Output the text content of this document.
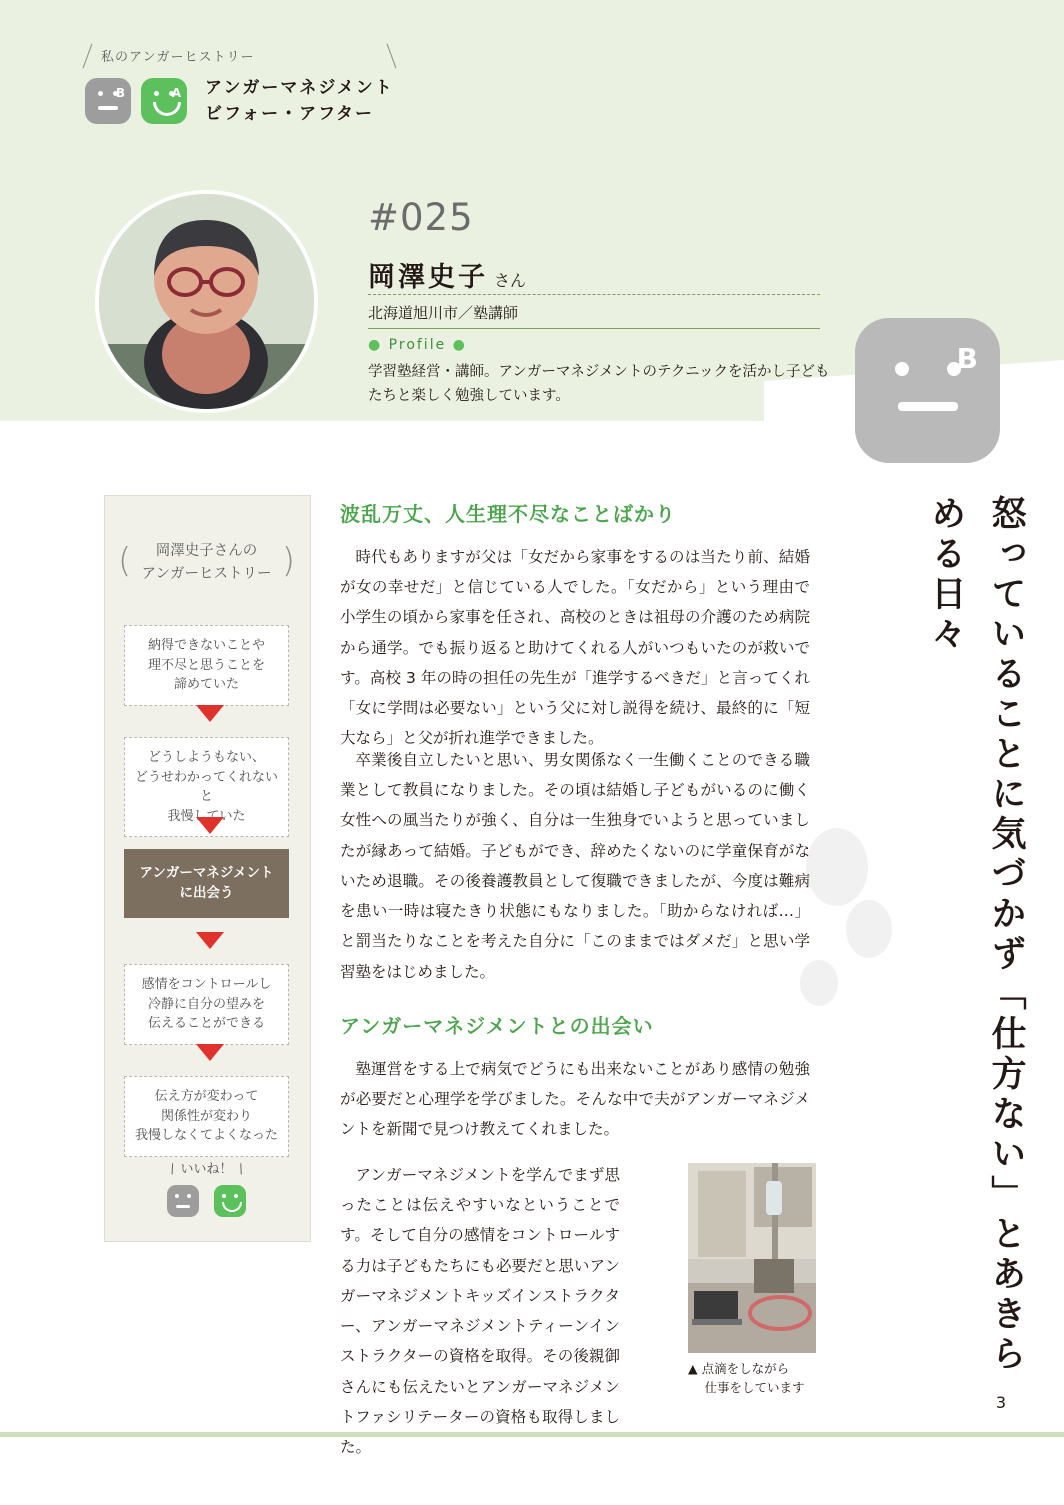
私のアンガーヒストリー
B	A アンガーマネジメント
ビフォー・アフター
#025
岡澤史子 さん
北海道旭川市／塾講師
● Profile ●
学習塾経営・講師。アンガーマネジメントのテクニックを活かし子どもたちと楽しく勉強しています。
B
怒っていることに気づかず「仕方ない」とあきらめる日々
(	)
岡澤史子さんの
アンガーヒストリー
納得できないことや
理不尽と思うことを
諦めていた
どうしようもない、
どうせわかってくれないと
我慢していた
アンガーマネジメント
に出会う
感情をコントロールし
冷静に自分の望みを
伝えることができる
伝え方が変わって
関係性が変わり
我慢しなくてよくなった
\ いいね！ /

波乱万丈、人生理不尽なことばかり
時代もありますが父は「女だから家事をするのは当たり前、結婚が女の幸せだ」と信じている人でした。「女だから」という理由で小学生の頃から家事を任され、高校のときは祖母の介護のため病院から通学。でも振り返ると助けてくれる人がいつもいたのが救いです。高校 3 年の時の担任の先生が「進学するべきだ」と言ってくれ「女に学問は必要ない」という父に対し説得を続け、最終的に「短大なら」と父が折れ進学できました。
卒業後自立したいと思い、男女関係なく一生働くことのできる職業として教員になりました。その頃は結婚し子どもがいるのに働く女性への風当たりが強く、自分は一生独身でいようと思っていましたが縁あって結婚。子どもができ、辞めたくないのに学童保育がないため退職。その後養護教員として復職できましたが、今度は難病を患い一時は寝たきり状態にもなりました。「助からなければ…」と罰当たりなことを考えた自分に「このままではダメだ」と思い学習塾をはじめました。
アンガーマネジメントとの出会い
塾運営をする上で病気でどうにも出来ないことがあり感情の勉強が必要だと心理学を学びました。そんな中で夫がアンガーマネジメントを新聞で見つけ教えてくれました。
アンガーマネジメントを学んでまず思ったことは伝えやすいなということです。そして自分の感情をコントロールする力は子どもたちにも必要だと思いアンガーマネジメントキッズインストラクター、アンガーマネジメントティーンインストラクターの資格を取得。その後親御さんにも伝えたいとアンガーマネジメントファシリテーターの資格も取得しました。
▲ 点滴をしながら
　 仕事をしています
3
